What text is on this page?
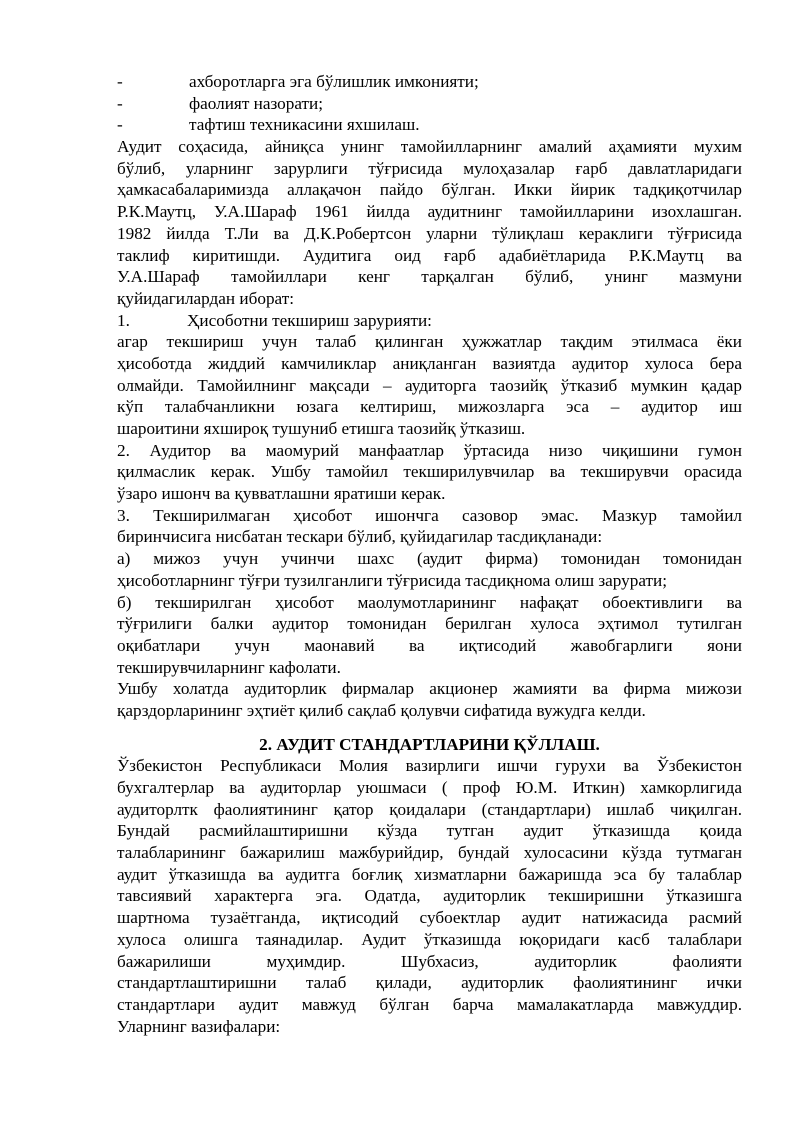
-	ахборотларга эга бўлишлик имконияти;
-	фаолият назорати;
-	тафтиш техникасини яхшилаш.
Аудит соҳасида, айниқса унинг тамойилларнинг амалий аҳамияти мухим
бўлиб, уларнинг зарурлиги тўғрисида мулоҳазалар ғарб давлатларидаги
ҳамкасабаларимизда аллақачон пайдо бўлган. Икки йирик тадқиқотчилар
Р.К.Маутц, У.А.Шараф 1961 йилда аудитнинг тамойилларини изохлашган.
1982 йилда Т.Ли ва Д.К.Робертсон уларни тўлиқлаш кераклиги тўғрисида
таклиф киритишди. Аудитига оид ғарб адабиётларида Р.К.Маутц ва
У.А.Шараф тамойиллари кенг тарқалган бўлиб, унинг мазмуни
қуйидагилардан иборат:
1.	Ҳисоботни текшириш зарурияти:
агар текшириш учун талаб қилинган ҳужжатлар тақдим этилмаса ёки
ҳисоботда жиддий камчиликлар аниқланган вазиятда аудитор хулоса бера
олмайди. Тамойилнинг мақсади – аудиторга таозийқ ўтказиб мумкин қадар
кўп талабчанликни юзага келтириш, мижозларга эса – аудитор иш
шароитини яхшироқ тушуниб етишга таозийқ ўтказиш.
2. Аудитор ва маомурий манфаатлар ўртасида низо чиқишини гумон
қилмаслик керак. Ушбу тамойил текширилувчилар ва текширувчи орасида
ўзаро ишонч ва қувватлашни яратиши керак.
3. Текширилмаган ҳисобот ишончга сазовор эмас. Мазкур тамойил
биринчисига нисбатан тескари бўлиб, қуйидагилар тасдиқланади:
а) мижоз учун учинчи шахс (аудит фирма) томонидан томонидан
ҳисоботларнинг тўғри тузилганлиги тўғрисида тасдиқнома олиш зарурати;
б) текширилган ҳисобот маолумотларининг нафақат обоективлиги ва
тўғрилиги балки аудитор томонидан берилган хулоса эҳтимол тутилган
оқибатлари учун маонавий ва иқтисодий жавобгарлиги яони
текширувчиларнинг кафолати.
Ушбу холатда аудиторлик фирмалар акционер жамияти ва фирма мижози
қарздорларининг эҳтиёт қилиб сақлаб қолувчи сифатида вужудга келди.
2. АУДИТ СТАНДАРТЛАРИНИ ҚЎЛЛАШ.
Ўзбекистон Республикаси Молия вазирлиги ишчи гурухи ва Ўзбекистон
бухгалтерлар ва аудиторлар уюшмаси ( проф Ю.М. Иткин) хамкорлигида
аудиторлтк фаолиятининг қатор қоидалари (стандартлари) ишлаб чиқилган.
Бундай расмийлаштиришни кўзда тутган аудит ўтказишда қоида
талабларининг бажарилиш мажбурийдир, бундай хулосасини кўзда тутмаган
аудит ўтказишда ва аудитга боғлиқ хизматларни бажаришда эса бу талаблар
тавсиявий характерга эга. Одатда, аудиторлик текширишни ўтказишга
шартнома тузаётганда, иқтисодий субоектлар аудит натижасида расмий
хулоса олишга таянадилар. Аудит ўтказишда юқоридаги касб талаблари
бажарилиши муҳимдир. Шубхасиз, аудиторлик фаолияти
стандартлаштиришни талаб қилади, аудиторлик фаолиятининг ички
стандартлари аудит мавжуд бўлган барча мамалакатларда мавжуддир.
Уларнинг вазифалари:
